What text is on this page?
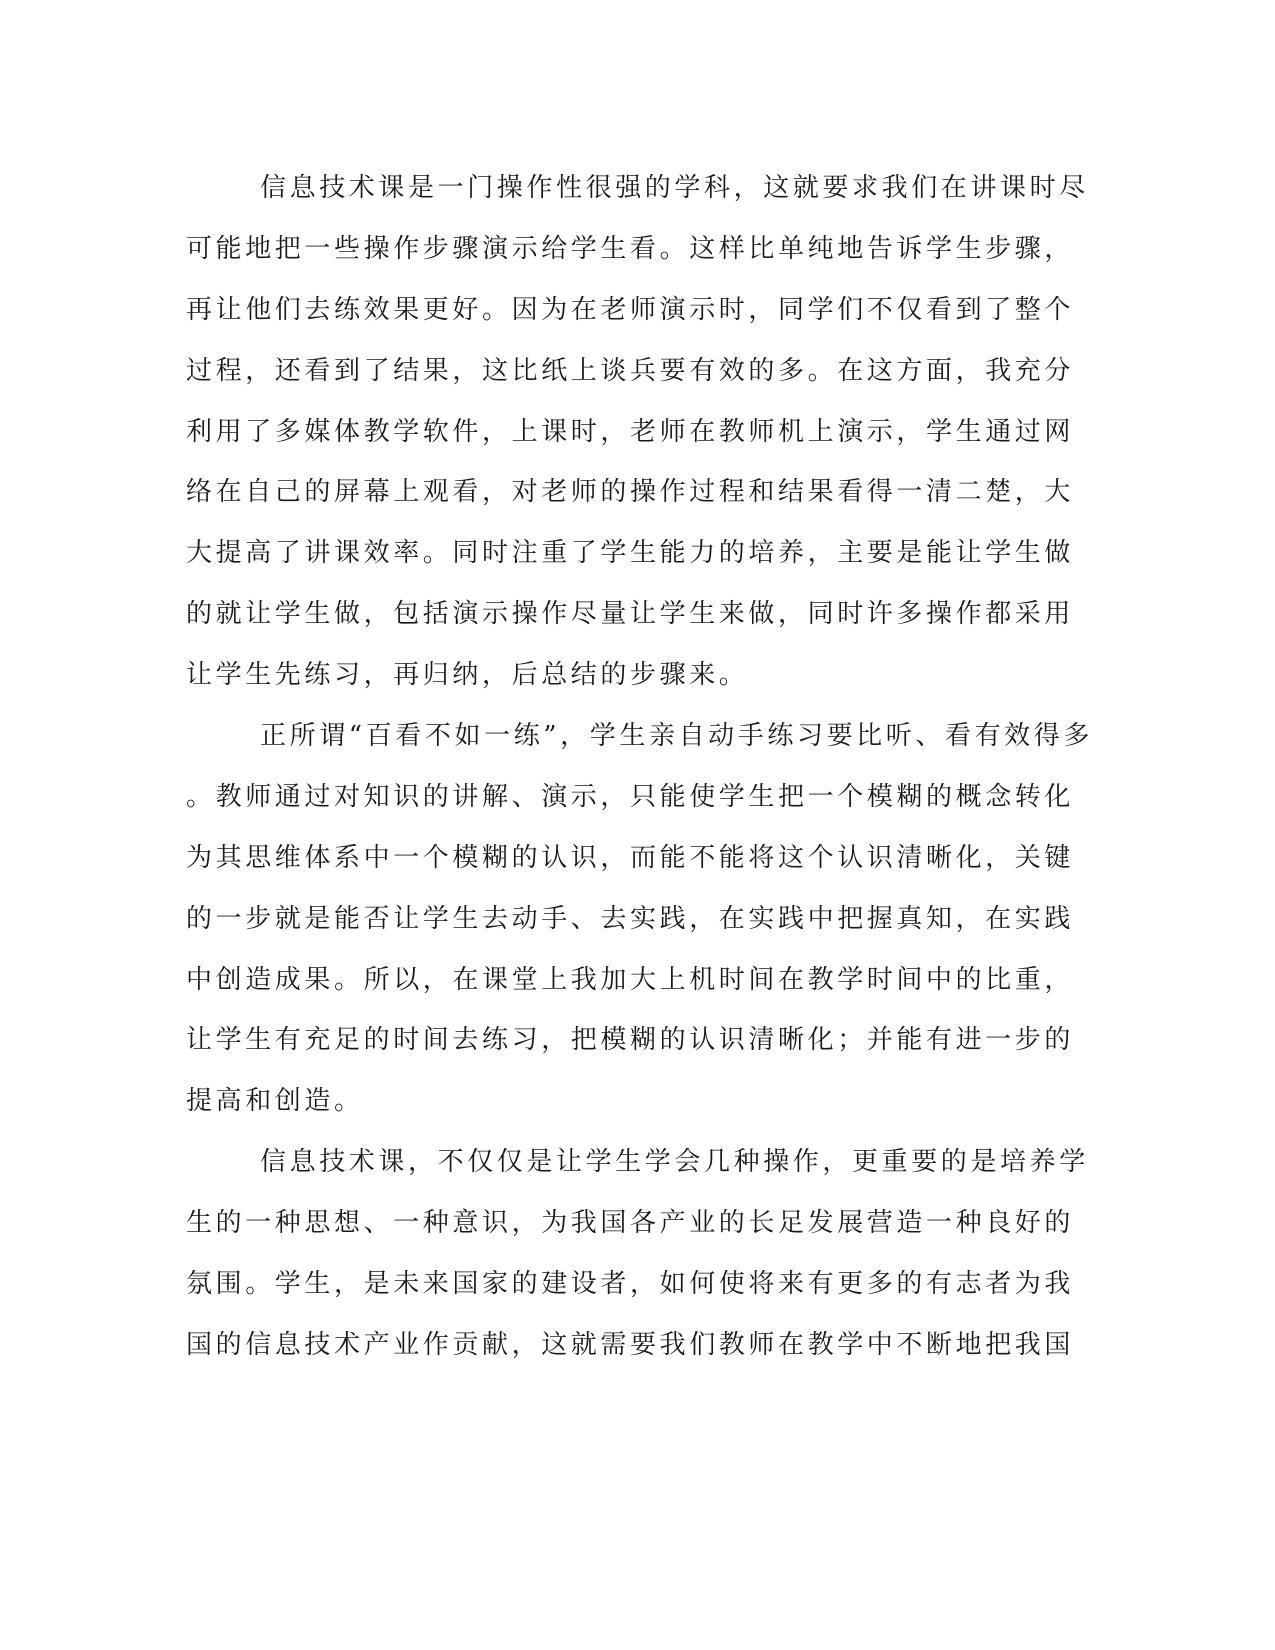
信息技术课是一门操作性很强的学科，这就要求我们在讲课时尽
可能地把一些操作步骤演示给学生看。这样比单纯地告诉学生步骤，
再让他们去练效果更好。因为在老师演示时，同学们不仅看到了整个
过程，还看到了结果，这比纸上谈兵要有效的多。在这方面，我充分
利用了多媒体教学软件，上课时，老师在教师机上演示，学生通过网
络在自己的屏幕上观看，对老师的操作过程和结果看得一清二楚，大
大提高了讲课效率。同时注重了学生能力的培养，主要是能让学生做
的就让学生做，包括演示操作尽量让学生来做，同时许多操作都采用
让学生先练习，再归纳，后总结的步骤来。
正所谓“百看不如一练”，学生亲自动手练习要比听、看有效得多
。教师通过对知识的讲解、演示，只能使学生把一个模糊的概念转化
为其思维体系中一个模糊的认识，而能不能将这个认识清晰化，关键
的一步就是能否让学生去动手、去实践，在实践中把握真知，在实践
中创造成果。所以，在课堂上我加大上机时间在教学时间中的比重，
让学生有充足的时间去练习，把模糊的认识清晰化；并能有进一步的
提高和创造。
信息技术课，不仅仅是让学生学会几种操作，更重要的是培养学
生的一种思想、一种意识，为我国各产业的长足发展营造一种良好的
氛围。学生，是未来国家的建设者，如何使将来有更多的有志者为我
国的信息技术产业作贡献，这就需要我们教师在教学中不断地把我国
